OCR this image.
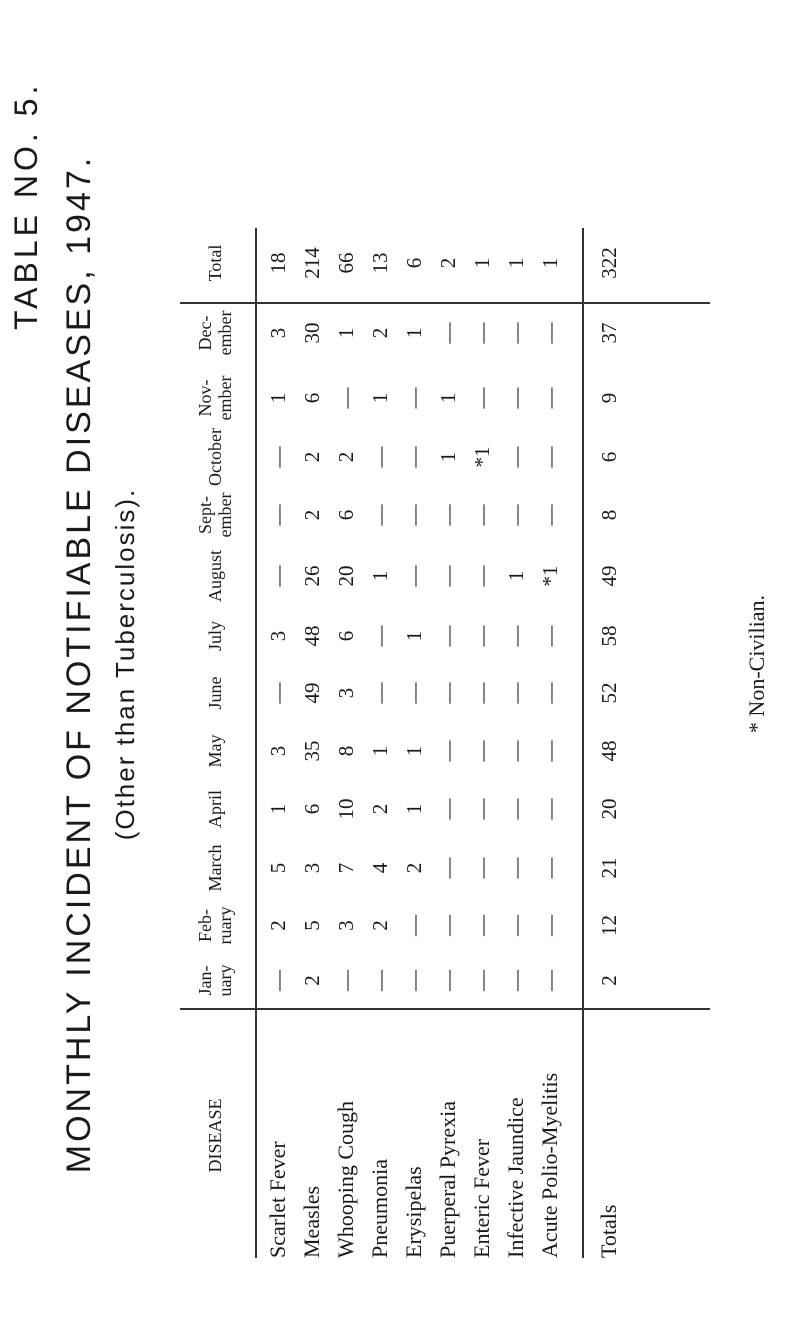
TABLE NO. 5. MONTHLY INCIDENT OF NOTIFIABLE DISEASES, 1947. (Other than Tuberculosis).
DISEASE
Jan- uary
Feb- ruary
March
April
May
June
July
August
Sept- ember
October
Nov- ember
Dec- ember
Total
Scarlet Fever
—
2
5
1
3
—
3
—
—
—
1
3
18
Measles
2
5
3
6
35
49
48
26
2
2
6
30
214
Whooping Cough
—
3
7
10
8
3
6
20
6
2
—
1
66
Pneumonia
—
2
4
2
1
—
—
1
—
—
1
2
13
Erysipelas
—
—
2
1
1
—
1
—
—
—
—
1
6
Puerperal Pyrexia
—
—
—
—
—
—
—
—
—
1
1
—
2
Enteric Fever
—
—
—
—
—
—
—
—
—
*1
—
—
1
Infective Jaundice
—
—
—
—
—
—
—
1
—
—
—
—
1
Acute Polio-Myelitis
—
—
—
—
—
—
—
*1
—
—
—
—
1
Totals
2
12
21
20
48
52
58
49
8
6
9
37
322
* Non-Civilian.
